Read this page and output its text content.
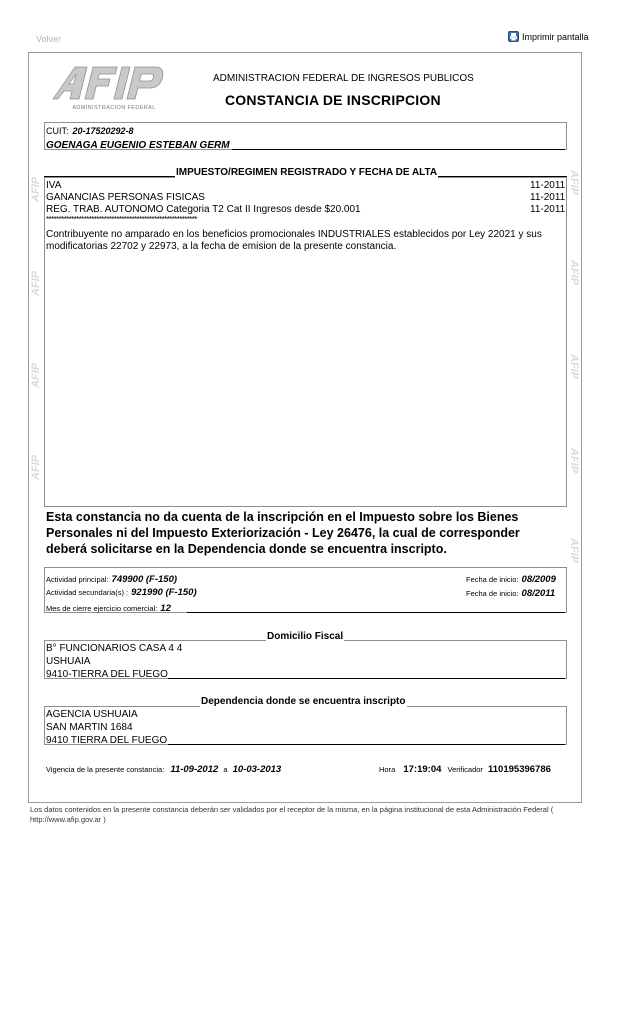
Volver	Imprimir pantalla
AFIP
AFIP
AFIP
AFIP
AFIP
AFIP
AFIP
AFIP
AFIP
ADMINISTRACION FEDERAL
ADMINISTRACION FEDERAL DE INGRESOS PUBLICOS
CONSTANCIA DE INSCRIPCION
CUIT: 20-17520292-8
GOENAGA EUGENIO ESTEBAN GERM
IMPUESTO/REGIMEN REGISTRADO Y FECHA DE ALTA
IVA	11-2011
GANANCIAS PERSONAS FISICAS	11-2011
REG. TRAB. AUTONOMO Categoria T2 Cat II Ingresos desde $20.001	11-2011
************************************************************
Contribuyente no amparado en los beneficios promocionales INDUSTRIALES establecidos por Ley 22021 y sus modificatorias 22702 y 22973, a la fecha de emision de la presente constancia.
Esta constancia no da cuenta de la inscripción en el Impuesto sobre los Bienes Personales ni del Impuesto Exteriorización - Ley 26476, la cual de corresponder deberá solicitarse en la Dependencia donde se encuentra inscripto.
Actividad principal: 749900 (F-150)	Fecha de inicio: 08/2009
Actividad secundaria(s) : 921990 (F-150)	Fecha de inicio: 08/2011
Mes de cierre ejercicio comercial: 12
Domicilio Fiscal
B° FUNCIONARIOS CASA 4 4
USHUAIA
9410-TIERRA DEL FUEGO
Dependencia donde se encuentra inscripto
AGENCIA USHUAIA
SAN MARTIN 1684
9410 TIERRA DEL FUEGO
Vigencia de la presente constancia: 11-09-2012 a 10-03-2013	Hora 17:19:04 Verificador 110195396786
Los datos contenidos en la presente constancia deberán ser validados por el receptor de la misma, en la página institucional de esta Administración Federal ( http://www.afip.gov.ar )
